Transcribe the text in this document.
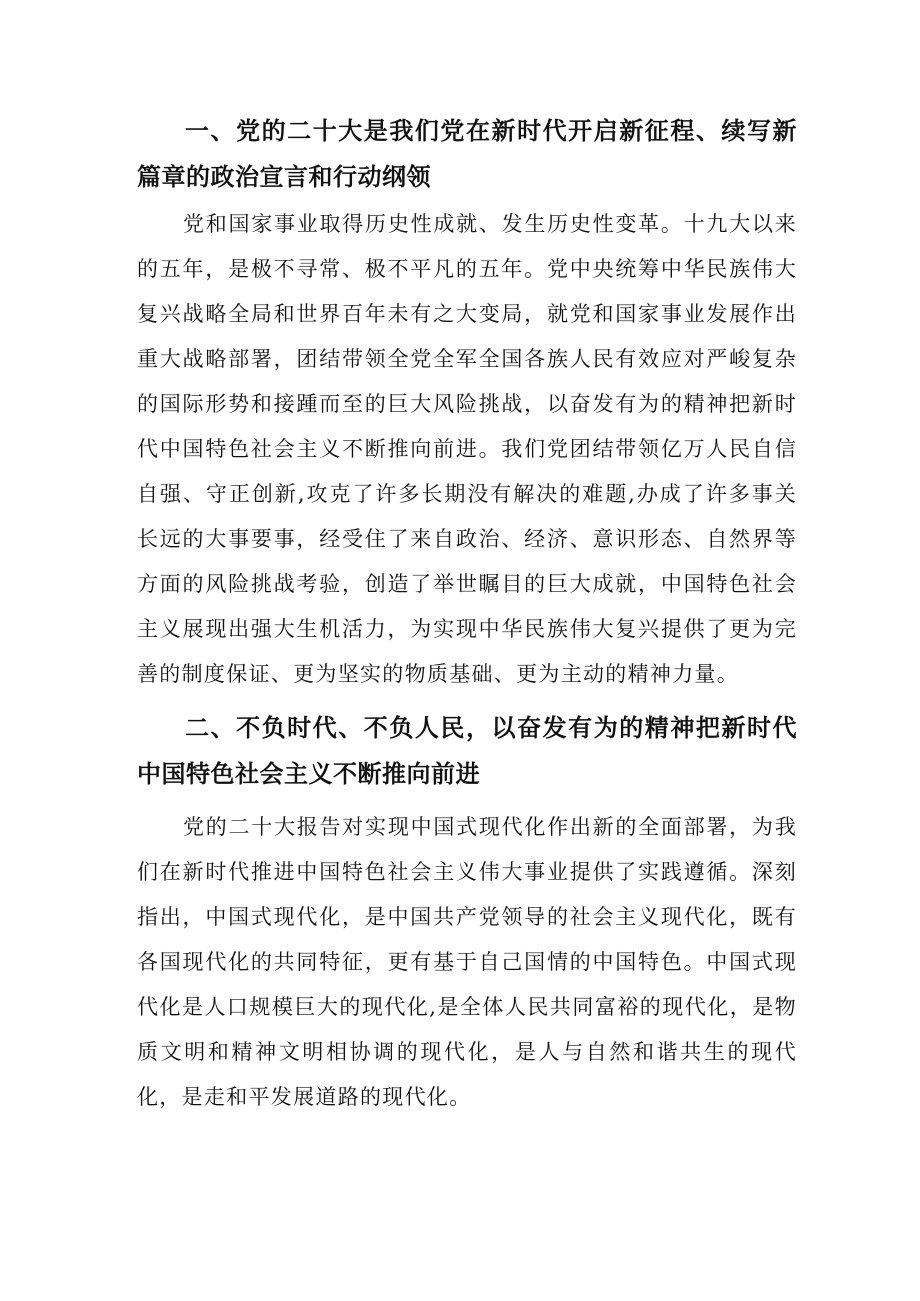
一、党的二十大是我们党在新时代开启新征程、续写新篇章的政治宣言和行动纲领

党和国家事业取得历史性成就、发生历史性变革。十九大以来的五年，是极不寻常、极不平凡的五年。党中央统筹中华民族伟大复兴战略全局和世界百年未有之大变局，就党和国家事业发展作出重大战略部署，团结带领全党全军全国各族人民有效应对严峻复杂的国际形势和接踵而至的巨大风险挑战，以奋发有为的精神把新时代中国特色社会主义不断推向前进。我们党团结带领亿万人民自信自强、守正创新,攻克了许多长期没有解决的难题,办成了许多事关长远的大事要事，经受住了来自政治、经济、意识形态、自然界等方面的风险挑战考验，创造了举世瞩目的巨大成就，中国特色社会主义展现出强大生机活力，为实现中华民族伟大复兴提供了更为完善的制度保证、更为坚实的物质基础、更为主动的精神力量。

二、不负时代、不负人民，以奋发有为的精神把新时代中国特色社会主义不断推向前进

党的二十大报告对实现中国式现代化作出新的全面部署，为我们在新时代推进中国特色社会主义伟大事业提供了实践遵循。深刻指出，中国式现代化，是中国共产党领导的社会主义现代化，既有各国现代化的共同特征，更有基于自己国情的中国特色。中国式现代化是人口规模巨大的现代化,是全体人民共同富裕的现代化，是物质文明和精神文明相协调的现代化，是人与自然和谐共生的现代化，是走和平发展道路的现代化。
